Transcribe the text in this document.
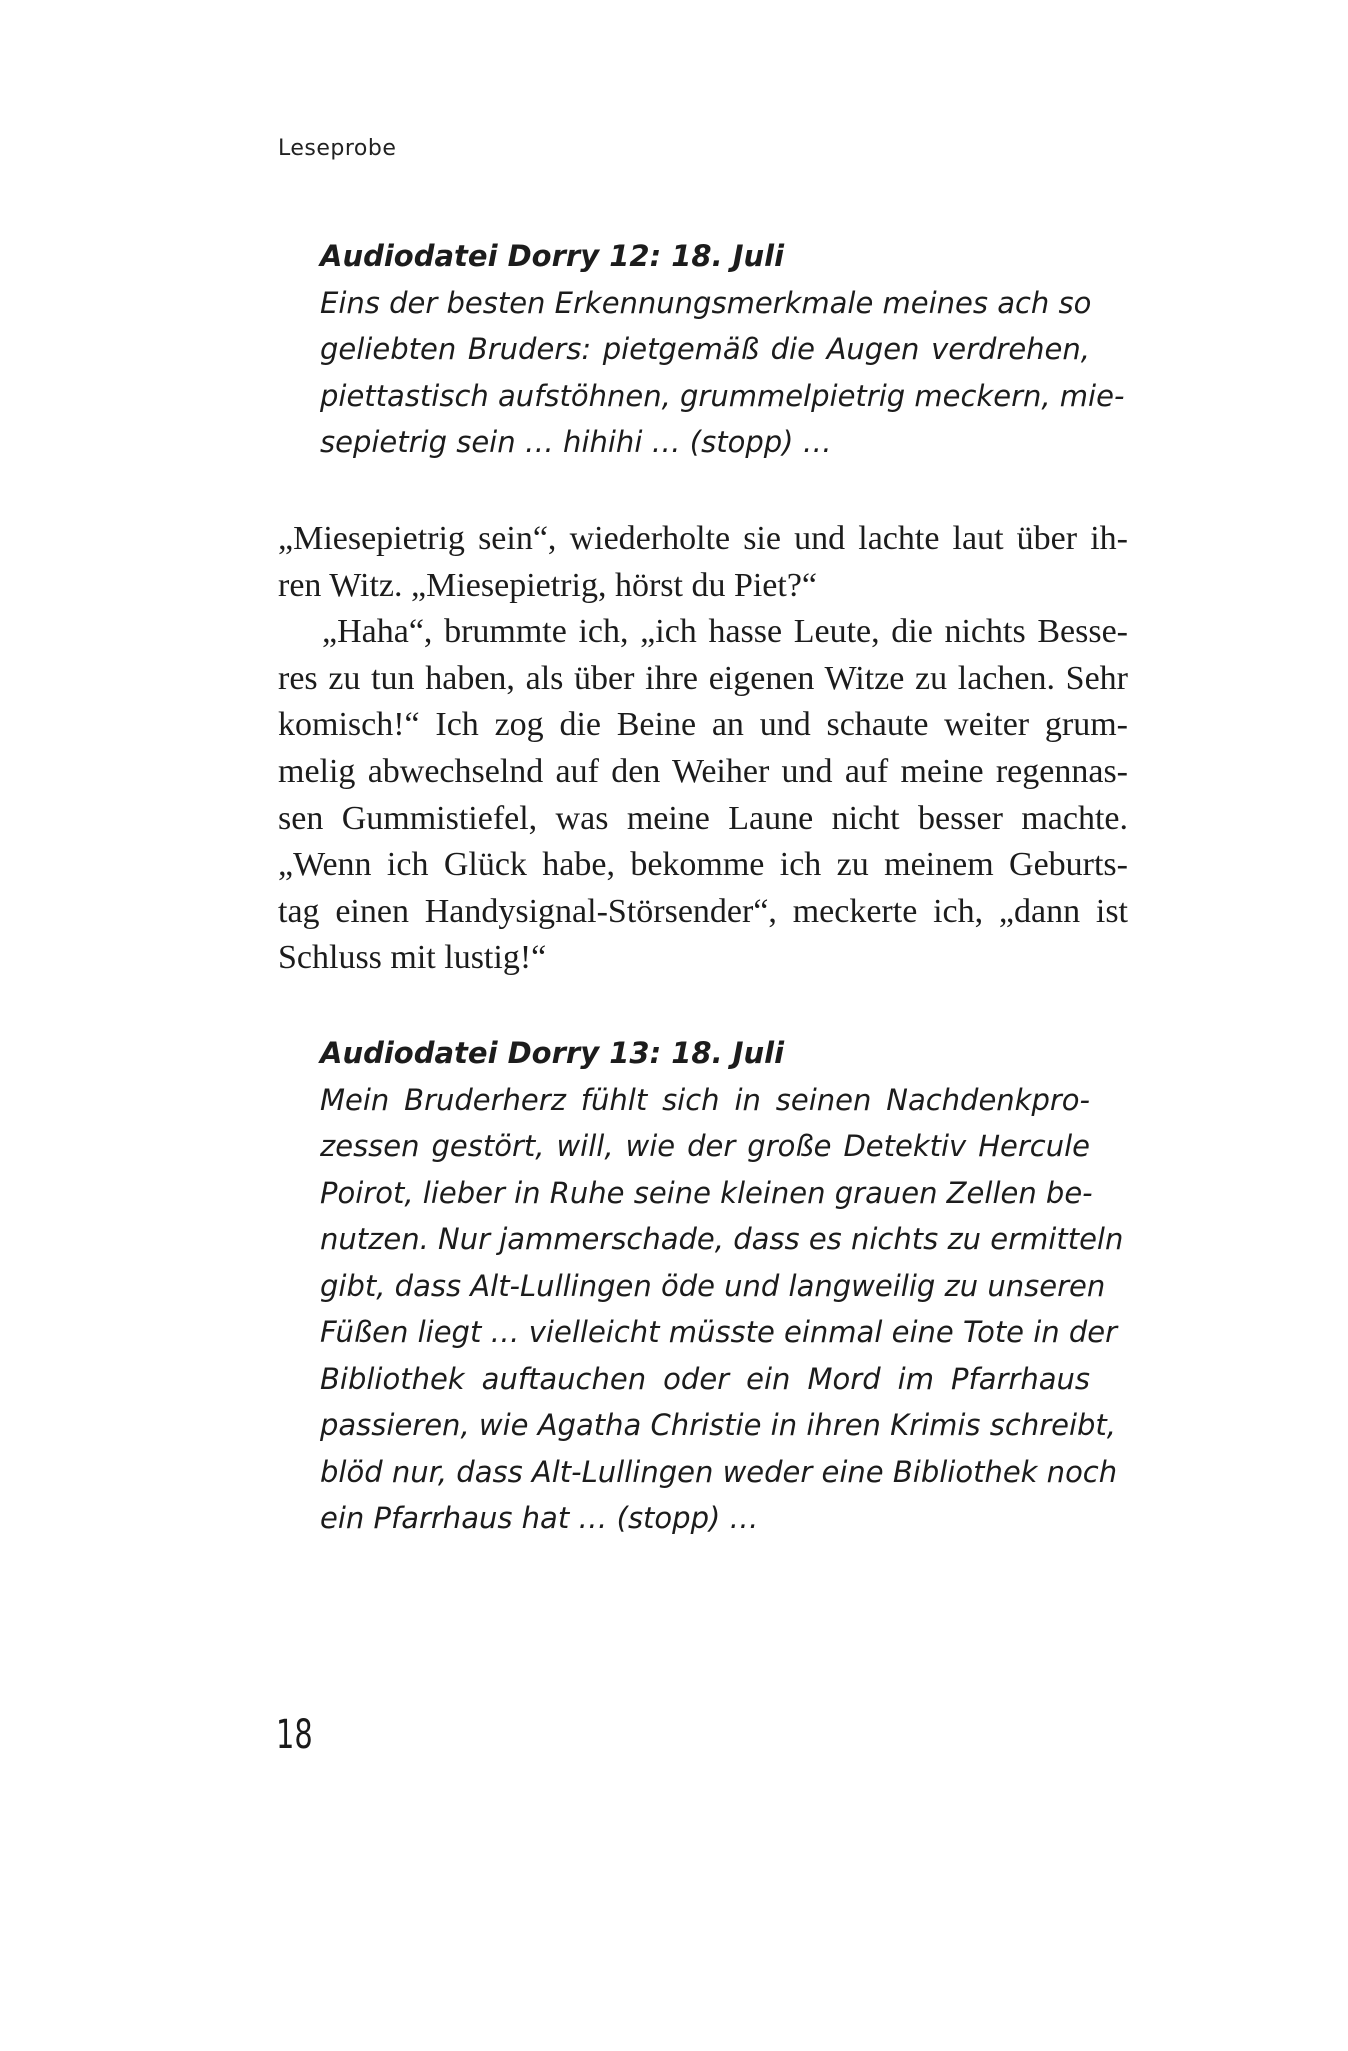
Leseprobe
Audiodatei Dorry 12: 18. Juli
Eins der besten Erkennungsmerkmale meines ach so
geliebten Bruders: pietgemäß die Augen verdrehen,
piettastisch aufstöhnen, grummelpietrig meckern, mie-
sepietrig sein … hihihi … (stopp) …
„Miesepietrig sein“, wiederholte sie und lachte laut über ih-
ren Witz. „Miesepietrig, hörst du Piet?“
„Haha“, brummte ich, „ich hasse Leute, die nichts Besse-
res zu tun haben, als über ihre eigenen Witze zu lachen. Sehr
komisch!“ Ich zog die Beine an und schaute weiter grum-
melig abwechselnd auf den Weiher und auf meine regennas-
sen Gummistiefel, was meine Laune nicht besser machte.
„Wenn ich Glück habe, bekomme ich zu meinem Geburts-
tag einen Handysignal-Störsender“, meckerte ich, „dann ist
Schluss mit lustig!“
Audiodatei Dorry 13: 18. Juli
Mein Bruderherz fühlt sich in seinen Nachdenkpro-
zessen gestört, will, wie der große Detektiv Hercule
Poirot, lieber in Ruhe seine kleinen grauen Zellen be-
nutzen. Nur jammerschade, dass es nichts zu ermitteln
gibt, dass Alt-Lullingen öde und langweilig zu unseren
Füßen liegt … vielleicht müsste einmal eine Tote in der
Bibliothek auftauchen oder ein Mord im Pfarrhaus
passieren, wie Agatha Christie in ihren Krimis schreibt,
blöd nur, dass Alt-Lullingen weder eine Bibliothek noch
ein Pfarrhaus hat … (stopp) …
18
